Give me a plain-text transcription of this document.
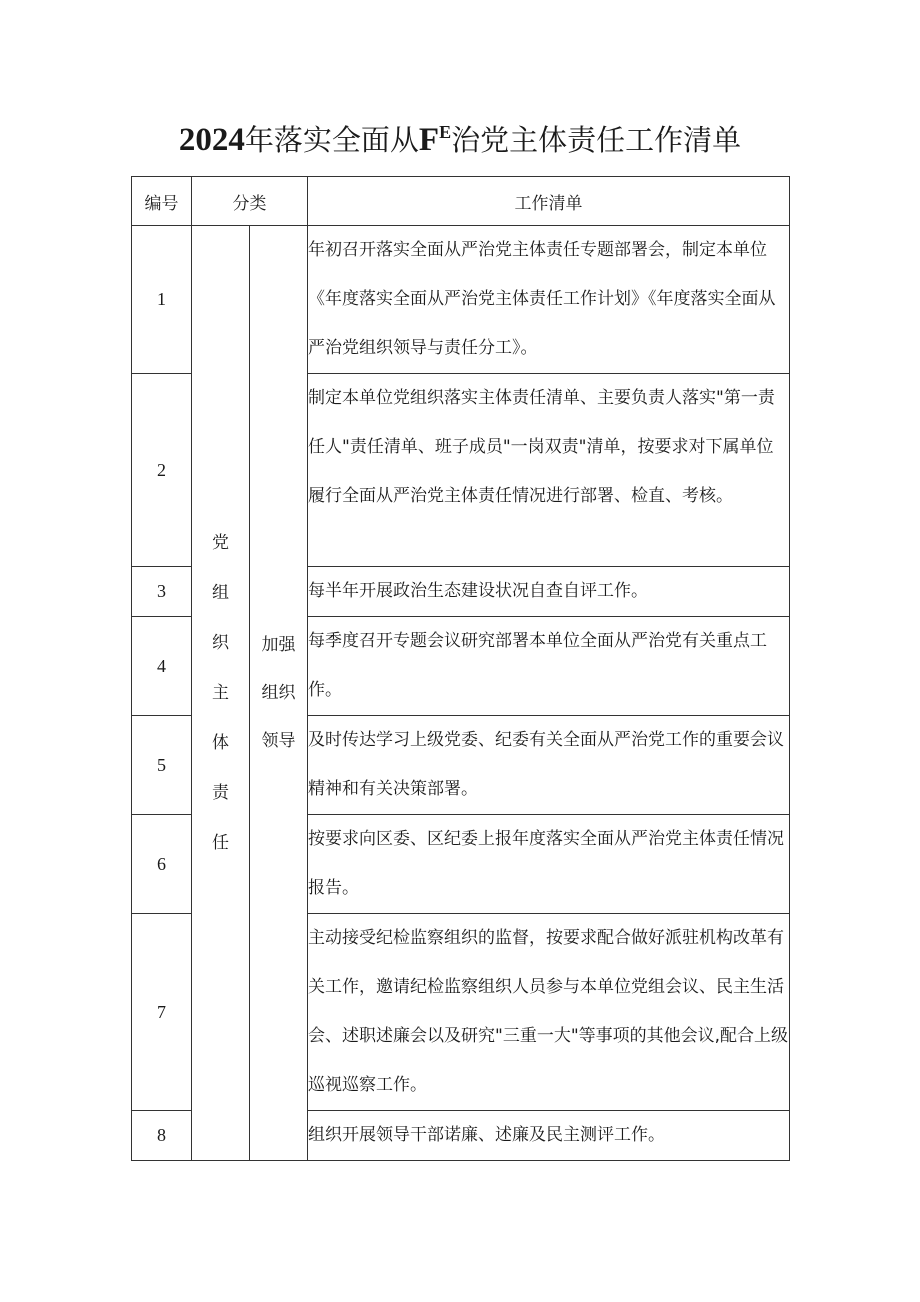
2024年落实全面从$F^E$治党主体责任工作清单
编号	分类		工作清单
1	党组织主体责任	加强组织领导	年初召开落实全面从严治党主体责任专题部署会，制定本单位《年度落实全面从严治党主体责任工作计划》《年度落实全面从严治党组织领导与责任分工》。
2			制定本单位党组织落实主体责任清单、主要负责人落实"第一责任人"责任清单、班子成员"一岗双责"清单，按要求对下属单位履行全面从严治党主体责任情况进行部署、检直、考核。
3			每半年开展政治生态建设状况自查自评工作。
4			每季度召开专题会议研究部署本单位全面从严治党有关重点工作。
5			及时传达学习上级党委、纪委有关全面从严治党工作的重要会议精神和有关决策部署。
6			按要求向区委、区纪委上报年度落实全面从严治党主体责任情况报告。
7			主动接受纪检监察组织的监督，按要求配合做好派驻机构改革有关工作，邀请纪检监察组织人员参与本单位党组会议、民主生活会、述职述廉会以及研究"三重一大"等事项的其他会议,配合上级巡视巡察工作。
8			组织开展领导干部诺廉、述廉及民主测评工作。
